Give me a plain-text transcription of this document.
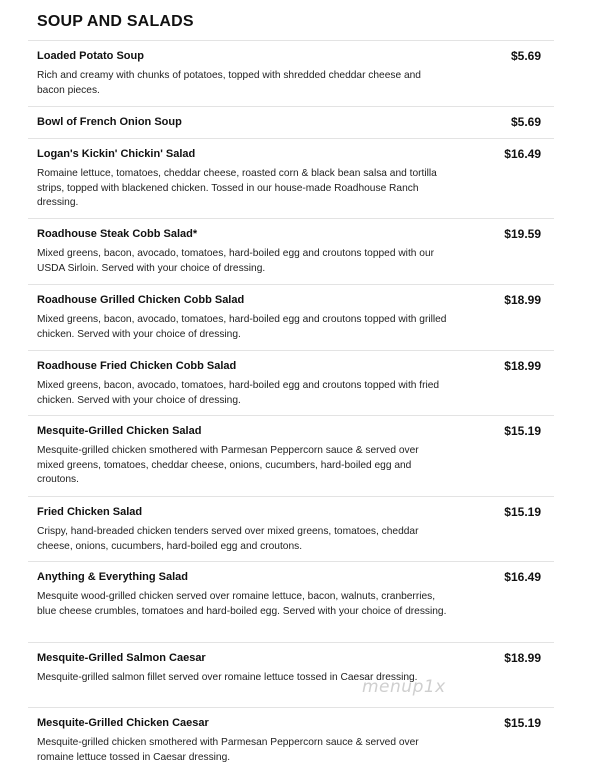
SOUP AND SALADS
Loaded Potato Soup	$5.69
Rich and creamy with chunks of potatoes, topped with shredded cheddar cheese and bacon pieces.
Bowl of French Onion Soup	$5.69
Logan's Kickin' Chickin' Salad	$16.49
Romaine lettuce, tomatoes, cheddar cheese, roasted corn & black bean salsa and tortilla strips, topped with blackened chicken. Tossed in our house-made Roadhouse Ranch dressing.
Roadhouse Steak Cobb Salad*	$19.59
Mixed greens, bacon, avocado, tomatoes, hard-boiled egg and croutons topped with our USDA Sirloin. Served with your choice of dressing.
Roadhouse Grilled Chicken Cobb Salad	$18.99
Mixed greens, bacon, avocado, tomatoes, hard-boiled egg and croutons topped with grilled chicken. Served with your choice of dressing.
Roadhouse Fried Chicken Cobb Salad	$18.99
Mixed greens, bacon, avocado, tomatoes, hard-boiled egg and croutons topped with fried chicken. Served with your choice of dressing.
Mesquite-Grilled Chicken Salad	$15.19
Mesquite-grilled chicken smothered with Parmesan Peppercorn sauce & served over mixed greens, tomatoes, cheddar cheese, onions, cucumbers, hard-boiled egg and croutons.
Fried Chicken Salad	$15.19
Crispy, hand-breaded chicken tenders served over mixed greens, tomatoes, cheddar cheese, onions, cucumbers, hard-boiled egg and croutons.
Anything & Everything Salad	$16.49
Mesquite wood-grilled chicken served over romaine lettuce, bacon, walnuts, cranberries, blue cheese crumbles, tomatoes and hard-boiled egg. Served with your choice of dressing.
Mesquite-Grilled Salmon Caesar	$18.99
Mesquite-grilled salmon fillet served over romaine lettuce tossed in Caesar dressing.
Mesquite-Grilled Chicken Caesar	$15.19
Mesquite-grilled chicken smothered with Parmesan Peppercorn sauce & served over romaine lettuce tossed in Caesar dressing.
menup1x
